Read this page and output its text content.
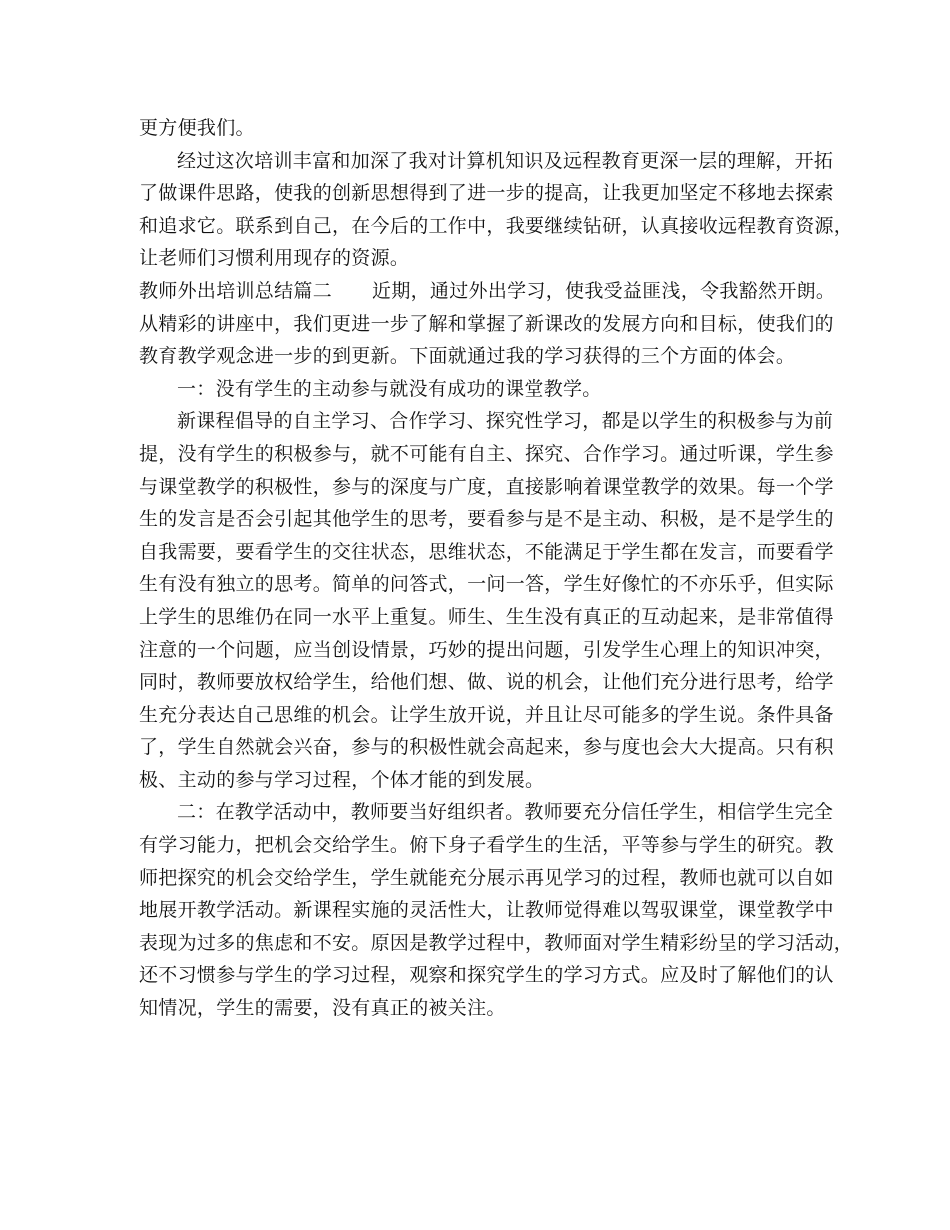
更方便我们。
经过这次培训丰富和加深了我对计算机知识及远程教育更深一层的理解，开拓
了做课件思路，使我的创新思想得到了进一步的提高，让我更加坚定不移地去探索
和追求它。联系到自己，在今后的工作中，我要继续钻研，认真接收远程教育资源，
让老师们习惯利用现存的资源。
教师外出培训总结篇二 近期，通过外出学习，使我受益匪浅，令我豁然开朗。
从精彩的讲座中，我们更进一步了解和掌握了新课改的发展方向和目标，使我们的
教育教学观念进一步的到更新。下面就通过我的学习获得的三个方面的体会。
一：没有学生的主动参与就没有成功的课堂教学。
新课程倡导的自主学习、合作学习、探究性学习，都是以学生的积极参与为前
提，没有学生的积极参与，就不可能有自主、探究、合作学习。通过听课，学生参
与课堂教学的积极性，参与的深度与广度，直接影响着课堂教学的效果。每一个学
生的发言是否会引起其他学生的思考，要看参与是不是主动、积极，是不是学生的
自我需要，要看学生的交往状态，思维状态，不能满足于学生都在发言，而要看学
生有没有独立的思考。简单的问答式，一问一答，学生好像忙的不亦乐乎，但实际
上学生的思维仍在同一水平上重复。师生、生生没有真正的互动起来，是非常值得
注意的一个问题，应当创设情景，巧妙的提出问题，引发学生心理上的知识冲突，
同时，教师要放权给学生，给他们想、做、说的机会，让他们充分进行思考，给学
生充分表达自己思维的机会。让学生放开说，并且让尽可能多的学生说。条件具备
了，学生自然就会兴奋，参与的积极性就会高起来，参与度也会大大提高。只有积
极、主动的参与学习过程，个体才能的到发展。
二：在教学活动中，教师要当好组织者。教师要充分信任学生，相信学生完全
有学习能力，把机会交给学生。俯下身子看学生的生活，平等参与学生的研究。教
师把探究的机会交给学生，学生就能充分展示再见学习的过程，教师也就可以自如
地展开教学活动。新课程实施的灵活性大，让教师觉得难以驾驭课堂，课堂教学中
表现为过多的焦虑和不安。原因是教学过程中，教师面对学生精彩纷呈的学习活动，
还不习惯参与学生的学习过程，观察和探究学生的学习方式。应及时了解他们的认
知情况，学生的需要，没有真正的被关注。
